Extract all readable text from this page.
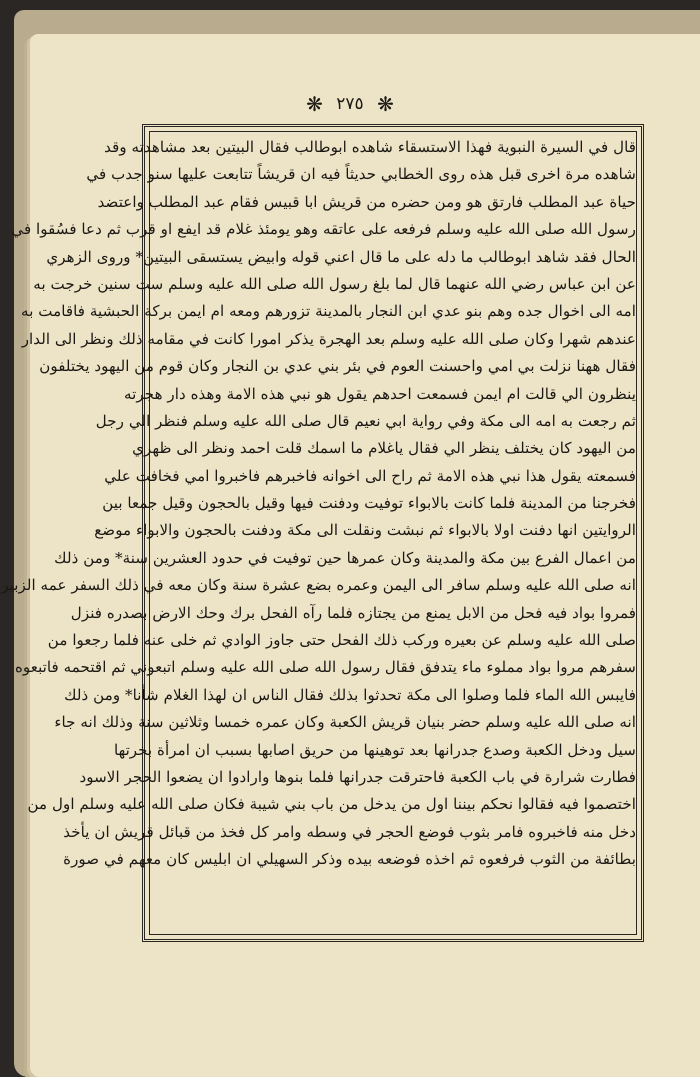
❋ ٢٧٥ ❋
قال في السيرة النبوية فهذا الاستسقاء شاهده ابوطالب فقال البيتين بعد مشاهدته وقد
شاهده مرة اخرى قبل هذه روى الخطابي حديثاً فيه ان قريشاً تتابعت عليها سنو جدب في
حياة عبد المطلب فارتق هو ومن حضره من قريش ابا قبيس فقام عبد المطلب واعتضد
رسول الله صلى الله عليه وسلم فرفعه على عاتقه وهو يومئذ غلام قد ايفع او قرب ثم دعا فسُقوا في
الحال فقد شاهد ابوطالب ما دله على ما قال اعني قوله وابيض يستسقى البيتين* وروى الزهري
عن ابن عباس رضي الله عنهما قال لما بلغ رسول الله صلى الله عليه وسلم ست سنين خرجت به
امه الى اخوال جده وهم بنو عدي ابن النجار بالمدينة تزورهم ومعه ام ايمن بركة الحبشية فاقامت به
عندهم شهرا وكان صلى الله عليه وسلم بعد الهجرة يذكر امورا كانت في مقامه ذلك ونظر الى الدار
فقال ههنا نزلت بي امي واحسنت العوم في بئر بني عدي بن النجار وكان قوم من اليهود يختلفون
ينظرون الي قالت ام ايمن فسمعت احدهم يقول هو نبي هذه الامة وهذه دار هجرته
ثم رجعت به امه الى مكة وفي رواية ابي نعيم قال صلى الله عليه وسلم فنظر الي رجل
من اليهود كان يختلف ينظر الي فقال ياغلام ما اسمك قلت احمد ونظر الى ظهري
فسمعته يقول هذا نبي هذه الامة ثم راح الى اخوانه فاخبرهم فاخبروا امي فخافت علي
فخرجنا من المدينة فلما كانت بالابواء توفيت ودفنت فيها وقيل بالحجون وقيل جمعا بين
الروايتين انها دفنت اولا بالابواء ثم نبشت ونقلت الى مكة ودفنت بالحجون والابواء موضع
من اعمال الفرع بين مكة والمدينة وكان عمرها حين توفيت في حدود العشرين سنة* ومن ذلك
انه صلى الله عليه وسلم سافر الى اليمن وعمره بضع عشرة سنة وكان معه في ذلك السفر عمه الزبير
فمروا بواد فيه فحل من الابل يمنع من يجتازه فلما رآه الفحل برك وحك الارض بصدره فنزل
صلى الله عليه وسلم عن بعيره وركب ذلك الفحل حتى جاوز الوادي ثم خلى عنه فلما رجعوا من
سفرهم مروا بواد مملوء ماء يتدفق فقال رسول الله صلى الله عليه وسلم اتبعوني ثم اقتحمه فاتبعوه
فايبس الله الماء فلما وصلوا الى مكة تحدثوا بذلك فقال الناس ان لهذا الغلام شأنا* ومن ذلك
انه صلى الله عليه وسلم حضر بنيان قريش الكعبة وكان عمره خمسا وثلاثين سنة وذلك انه جاء
سيل ودخل الكعبة وصدع جدرانها بعد توهينها من حريق اصابها بسبب ان امرأة بخرتها
فطارت شرارة في باب الكعبة فاحترقت جدرانها فلما بنوها وارادوا ان يضعوا الحجر الاسود
اختصموا فيه فقالوا نحكم بيننا اول من يدخل من باب بني شيبة فكان صلى الله عليه وسلم اول من
دخل منه فاخبروه فامر بثوب فوضع الحجر في وسطه وامر كل فخذ من قبائل قريش ان يأخذ
بطائفة من الثوب فرفعوه ثم اخذه فوضعه بيده وذكر السهيلي ان ابليس كان معهم في صورة
